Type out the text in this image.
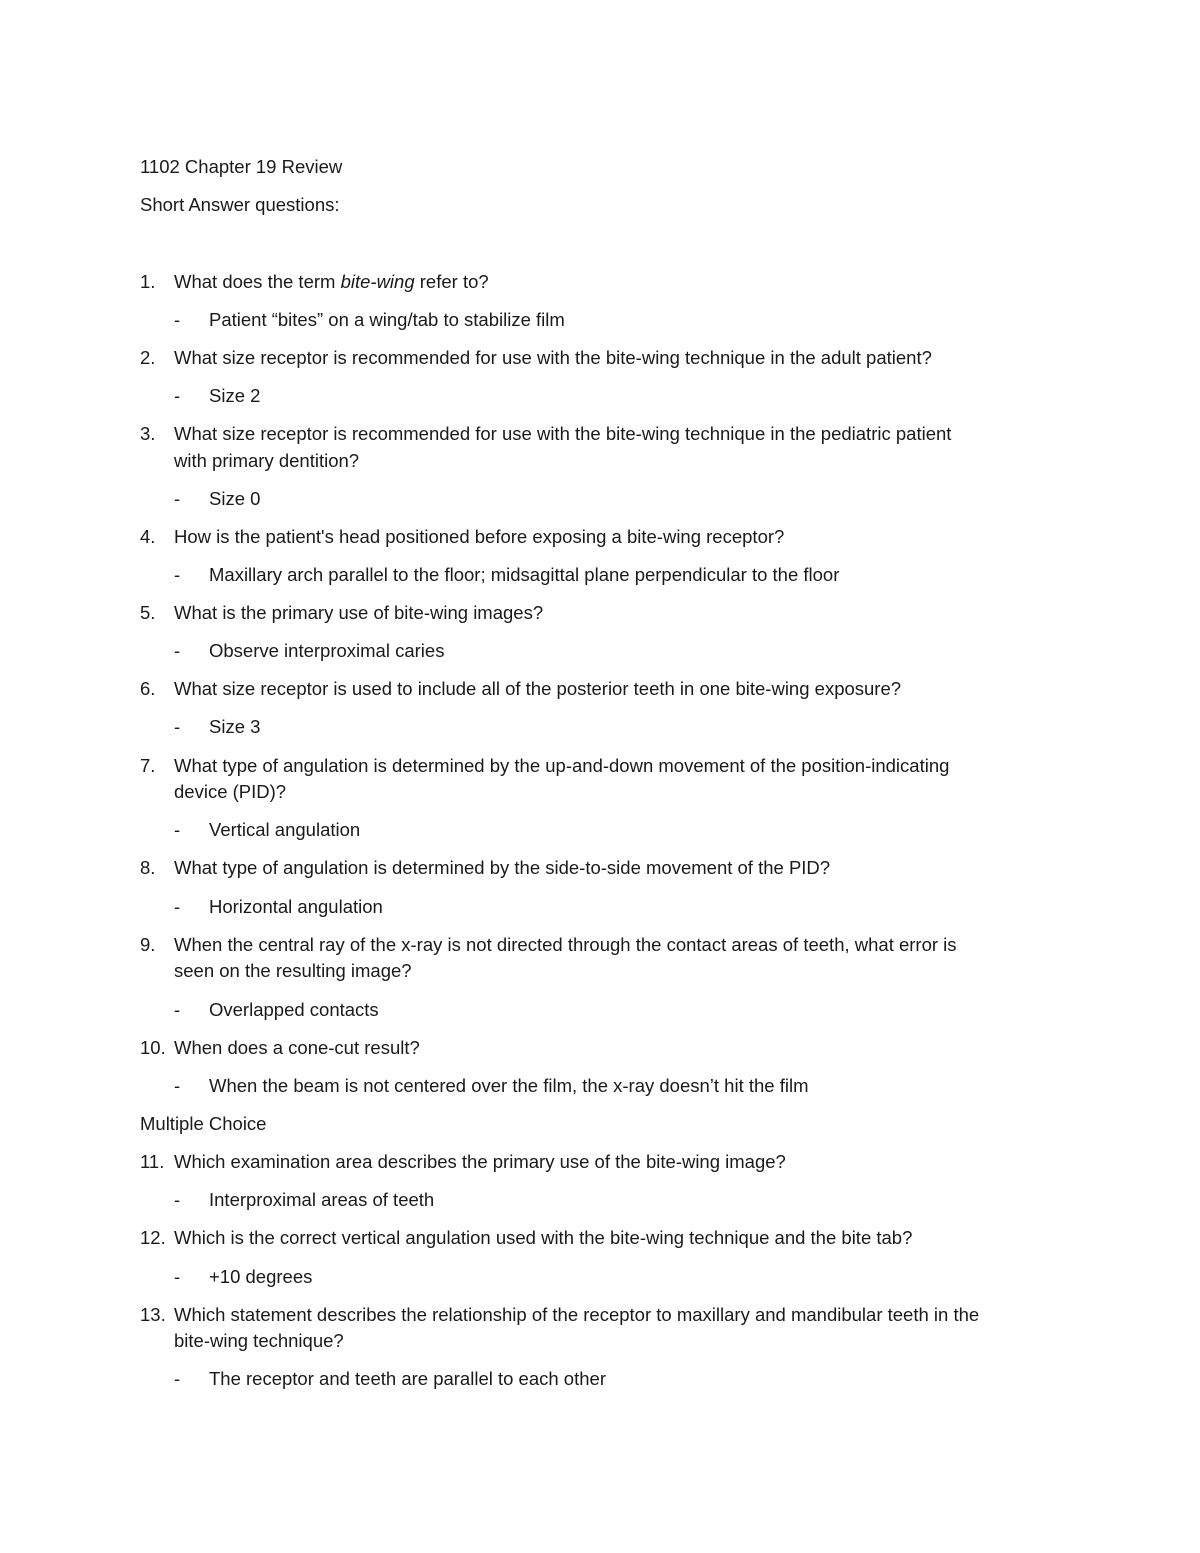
1102 Chapter 19 Review
Short Answer questions:
1. What does the term bite-wing refer to?
- Patient “bites” on a wing/tab to stabilize film
2. What size receptor is recommended for use with the bite-wing technique in the adult patient?
- Size 2
3. What size receptor is recommended for use with the bite-wing technique in the pediatric patient
with primary dentition?
- Size 0
4. How is the patient's head positioned before exposing a bite-wing receptor?
- Maxillary arch parallel to the floor; midsagittal plane perpendicular to the floor
5. What is the primary use of bite-wing images?
- Observe interproximal caries
6. What size receptor is used to include all of the posterior teeth in one bite-wing exposure?
- Size 3
7. What type of angulation is determined by the up-and-down movement of the position-indicating
device (PID)?
- Vertical angulation
8. What type of angulation is determined by the side-to-side movement of the PID?
- Horizontal angulation
9. When the central ray of the x-ray is not directed through the contact areas of teeth, what error is
seen on the resulting image?
- Overlapped contacts
10. When does a cone-cut result?
- When the beam is not centered over the film, the x-ray doesn’t hit the film
Multiple Choice
11. Which examination area describes the primary use of the bite-wing image?
- Interproximal areas of teeth
12. Which is the correct vertical angulation used with the bite-wing technique and the bite tab?
- +10 degrees
13. Which statement describes the relationship of the receptor to maxillary and mandibular teeth in the
bite-wing technique?
- The receptor and teeth are parallel to each other
